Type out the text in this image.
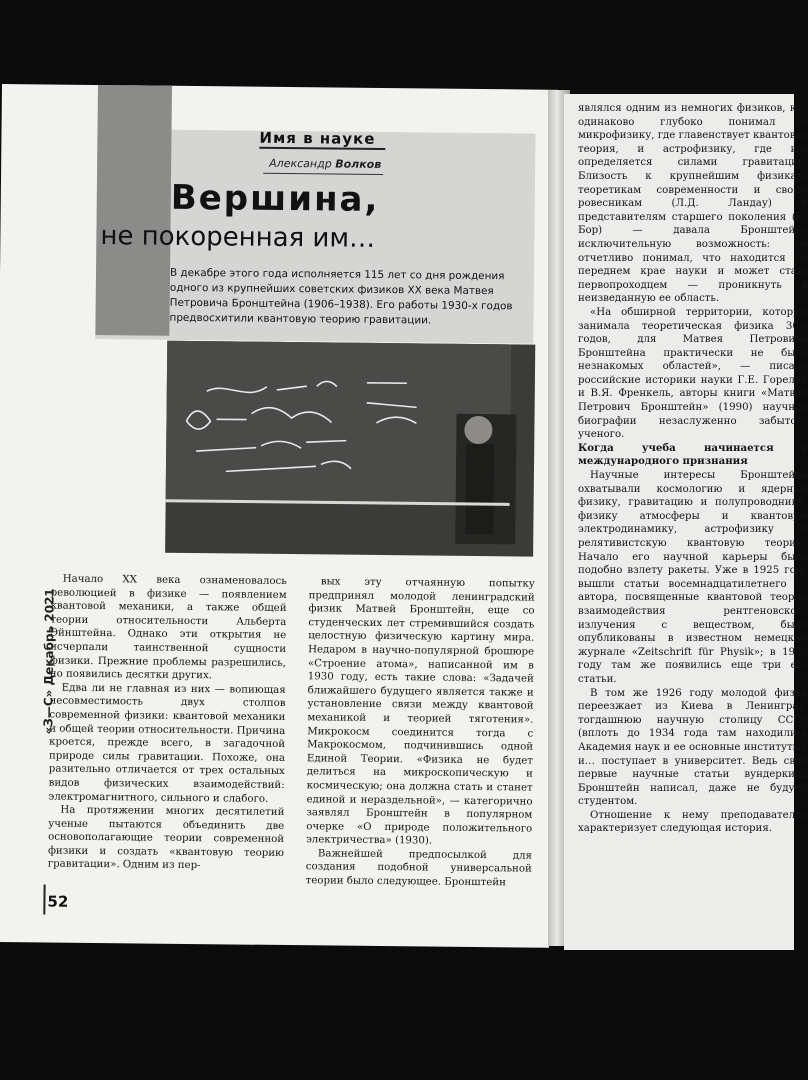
Имя в науке
Александр Волков
Вершина,
не покоренная им…
В декабре этого года исполняется 115 лет со дня рождения одного из крупнейших советских физиков XX века Матвея Петровича Бронштейна (1906–1938). Его работы 1930-х годов предвосхитили квантовую теорию гравитации.

Начало XX века ознаменовалось революцией в физике — появлением квантовой механики, а также общей теории относительности Альберта Эйнштейна. Однако эти открытия не исчерпали таинственной сущности физики. Прежние проблемы разрешились, но появились десятки других.

Едва ли не главная из них — вопиющая несовместимость двух столпов современной физики: квантовой механики и общей теории относительности. Причина кроется, прежде всего, в загадочной природе силы гравитации. Похоже, она разительно отличается от трех остальных видов физических взаимодействий: электромагнитного, сильного и слабого.

На протяжении многих десятилетий ученые пытаются объединить две основополагающие теории современной физики и создать «квантовую теорию гравитации». Одним из пер-

вых эту отчаянную попытку предпринял молодой ленинградский физик Матвей Бронштейн, еще со студенческих лет стремившийся создать целостную физическую картину мира. Недаром в научно-популярной брошюре «Строение атома», написанной им в 1930 году, есть такие слова: «Задачей ближайшего будущего является также и установление связи между квантовой механикой и теорией тяготения». Микрокосм соединится тогда с Макрокосмом, подчинившись одной Единой Теории. «Физика не будет делиться на микроскопическую и космическую; она должна стать и станет единой и нераздельной», — категорично заявлял Бронштейн в популярном очерке «О природе положительного электричества» (1930).

Важнейшей предпосылкой для создания подобной универсальной теории было следующее. Бронштейн

«З—С» Декабрь 2021
52

являлся одним из немногих физиков, кто одинаково глубоко понимал и микрофизику, где главенствует квантовая теория, и астрофизику, где все определяется силами гравитации. Близость к крупнейшим физикам-теоретикам современности и своим ровесникам (Л.Д. Ландау) и представителям старшего поколения (Н. Бор) — давала Бронштейну исключительную возможность: он отчетливо понимал, что находится на переднем крае науки и может стать первопроходцем — проникнуть в неизведанную ее область.

«На обширной территории, которую занимала теоретическая физика 30-х годов, для Матвея Петровича Бронштейна практически не было незнакомых областей», — писали российские историки науки Г.Е. Горелик и В.Я. Френкель, авторы книги «Матвей Петрович Бронштейн» (1990) научной биографии незаслуженно забытого ученого.

Когда учеба начинается с международного признания

Научные интересы Бронштейна охватывали космологию и ядерную физику, гравитацию и полупроводники, физику атмосферы и квантовую электродинамику, астрофизику и релятивистскую квантовую теорию. Начало его научной карьеры было подобно взлету ракеты. Уже в 1925 году вышли статьи восемнадцатилетнего (!) автора, посвященные квантовой теории взаимодействия рентгеновского излучения с веществом, были опубликованы в известном немецком журнале «Zeitschrift für Physik»; в 1926 году там же появились еще три его статьи.

В том же 1926 году молодой физик переезжает из Киева в Ленинград, тогдашнюю научную столицу СССР (вплоть до 1934 года там находились Академия наук и ее основные институты), и… поступает в университет. Ведь свои первые научные статьи вундеркинд Бронштейн написал, даже не будучи студентом.

Отношение к нему преподавателей характеризует следующая история.
